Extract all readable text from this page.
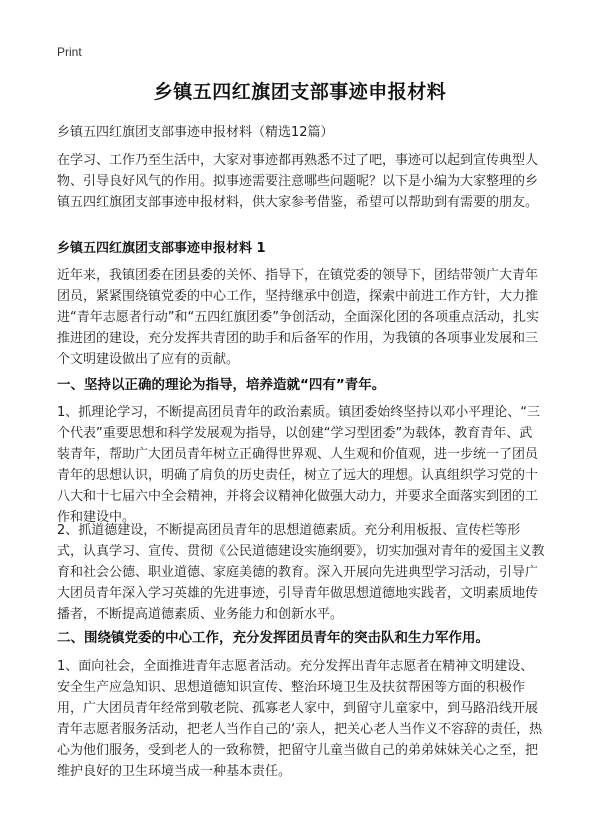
Print
乡镇五四红旗团支部事迹申报材料
乡镇五四红旗团支部事迹申报材料（精选12篇）

在学习、工作乃至生活中，大家对事迹都再熟悉不过了吧，事迹可以起到宣传典型人物、引导良好风气的作用。拟事迹需要注意哪些问题呢？以下是小编为大家整理的乡镇五四红旗团支部事迹申报材料，供大家参考借鉴，希望可以帮助到有需要的朋友。

乡镇五四红旗团支部事迹申报材料 1

近年来，我镇团委在团县委的关怀、指导下，在镇党委的领导下，团结带领广大青年团员，紧紧围绕镇党委的中心工作，坚持继承中创造，探索中前进工作方针，大力推进“青年志愿者行动”和“五四红旗团委”争创活动，全面深化团的各项重点活动，扎实推进团的建设，充分发挥共青团的助手和后备军的作用，为我镇的各项事业发展和三个文明建设做出了应有的贡献。

一、坚持以正确的理论为指导，培养造就“四有”青年。

1、抓理论学习，不断提高团员青年的政治素质。镇团委始终坚持以邓小平理论、“三个代表”重要思想和科学发展观为指导，以创建“学习型团委”为载体，教育青年、武装青年，帮助广大团员青年树立正确得世界观、人生观和价值观，进一步统一了团员青年的思想认识，明确了肩负的历史责任，树立了远大的理想。认真组织学习党的十八大和十七届六中全会精神，并将会议精神化做强大动力，并要求全面落实到团的工作和建设中。

2、抓道德建设，不断提高团员青年的思想道德素质。充分利用板报、宣传栏等形式，认真学习、宣传、贯彻《公民道德建设实施纲要》，切实加强对青年的爱国主义教育和社会公德、职业道德、家庭美德的教育。深入开展向先进典型学习活动，引导广大团员青年深入学习英雄的先进事迹，引导青年做思想道德地实践者，文明素质地传播者，不断提高道德素质、业务能力和创新水平。

二、围绕镇党委的中心工作，充分发挥团员青年的突击队和生力军作用。

1、面向社会，全面推进青年志愿者活动。充分发挥出青年志愿者在精神文明建设、安全生产应急知识、思想道德知识宣传、整治环境卫生及扶贫帮困等方面的积极作用，广大团员青年经常到敬老院、孤寡老人家中，到留守儿童家中，到马路沿线开展青年志愿者服务活动，把老人当作自己的‘亲人，把关心老人当作义不容辞的责任，热心为他们服务，受到老人的一致称赞，把留守儿童当做自己的弟弟妹妹关心之至，把维护良好的卫生环境当成一种基本责任。
